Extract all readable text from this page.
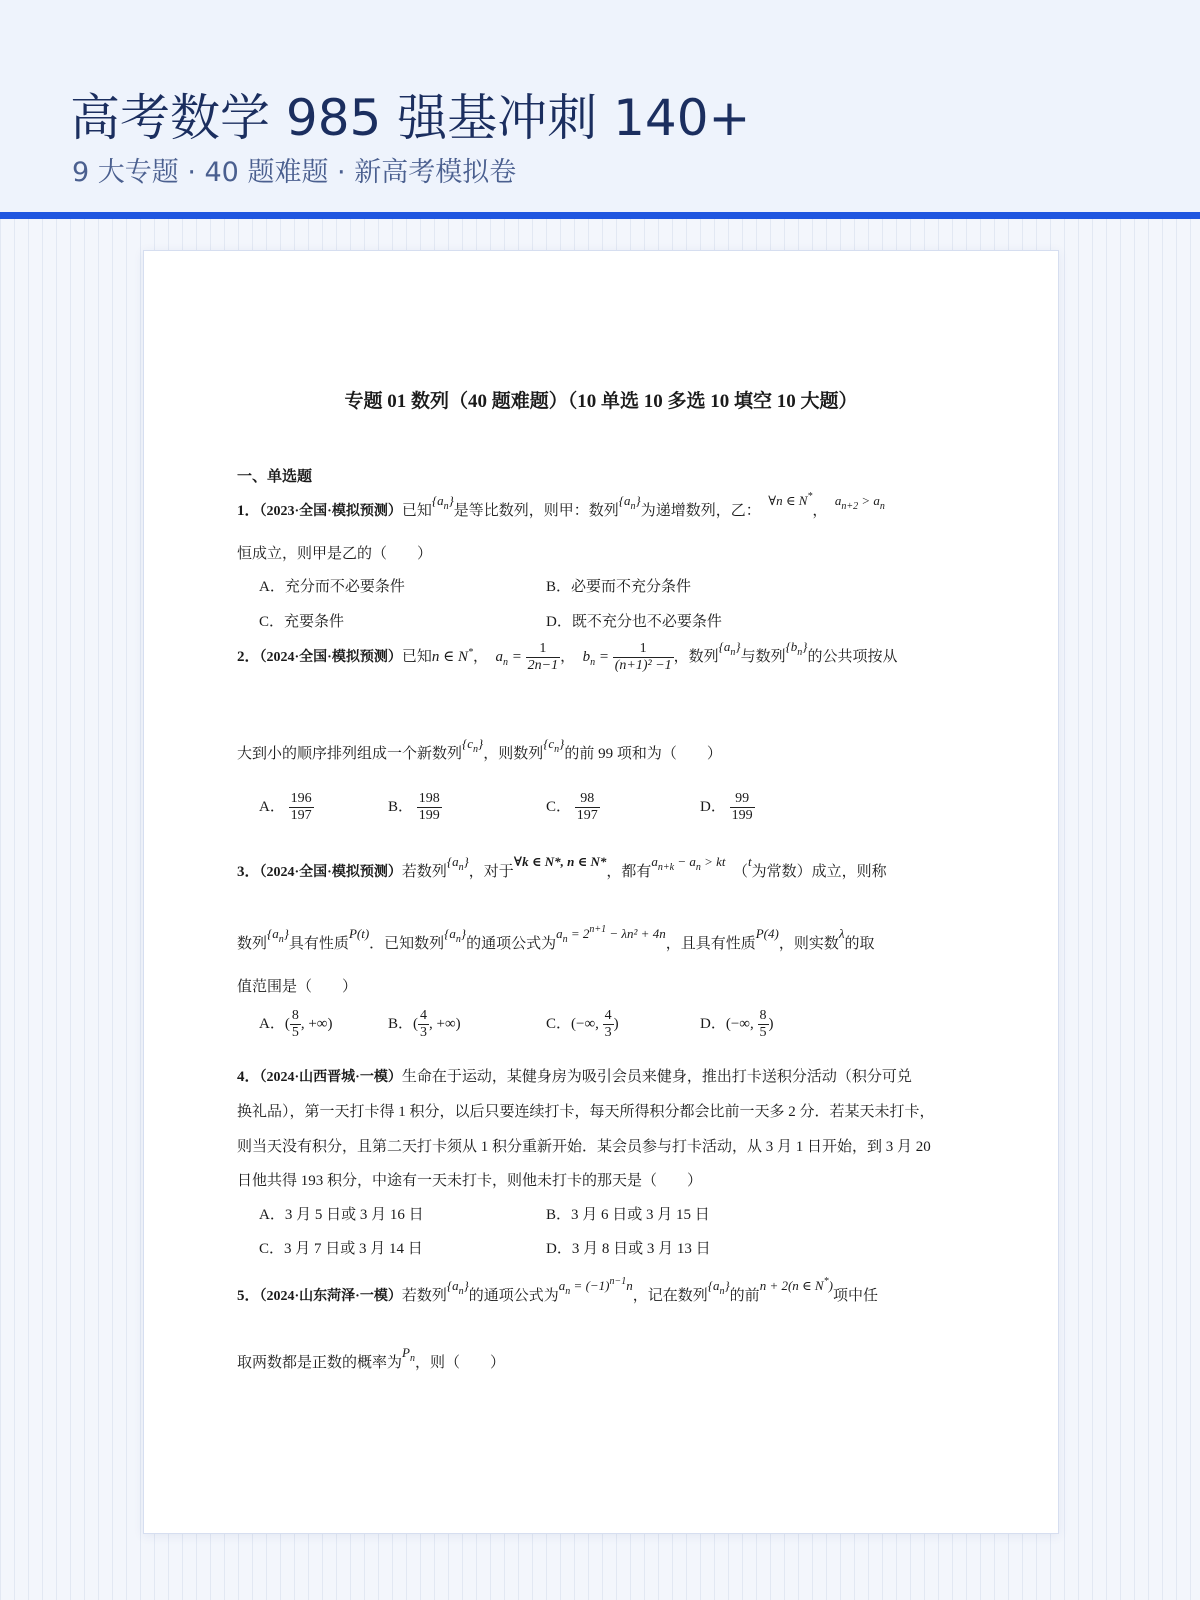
高考数学 985 强基冲刺 140+
9 大专题 · 40 题难题 · 新高考模拟卷
专题 01 数列（40 题难题）（10 单选 10 多选 10 填空 10 大题）
一、单选题
1．（2023·全国·模拟预测）已知$\{a_n\}$是等比数列，则甲：数列$\{a_n\}$为递增数列，乙：  ∀n ∈ N*，  $a_{n+2} > a_n$
恒成立，则甲是乙的（　　）
A．充分而不必要条件	B．必要而不充分条件
C．充要条件	D．既不充分也不必要条件
2．（2024·全国·模拟预测）已知n ∈ N*，  $a_n = \frac{1}{2n-1}$ ，  $b_n = \frac{1}{\text{(n+1)² −1}}$ ，数列$\{a_n\}$与数列$\{b_n\}$的公共项按从
大到小的顺序排列组成一个新数列$\{c_n\}$，则数列$\{c_n\}$的前 99 项和为（　　）
A． $\frac{196}{197}$	B． $\frac{198}{199}$	C． $\frac{98}{197}$	D． $\frac{99}{199}$
3．（2024·全国·模拟预测）若数列$\{a_n\}$，对于∀k ∈ N*, n ∈ N*，都有$a_{n+k} - a_n$ > kt  （t为常数）成立，则称
数列$\{a_n\}$具有性质P(t)．已知数列$\{a_n\}$的通项公式为$a_n = 2^{n+1} - \lambda n^2 + 4n$，且具有性质P(4)，则实数λ的取
值范围是（　　）
A．( $\frac{8}{5}$ , +∞)	B．( $\frac{4}{3}$ , +∞)	C．(−∞, $\frac{4}{3}$ )	D．(−∞, $\frac{8}{5}$ )
4．（2024·山西晋城·一模）生命在于运动，某健身房为吸引会员来健身，推出打卡送积分活动（积分可兑
换礼品），第一天打卡得 1 积分，以后只要连续打卡，每天所得积分都会比前一天多 2 分．若某天未打卡，
则当天没有积分，且第二天打卡须从 1 积分重新开始．某会员参与打卡活动，从 3 月 1 日开始，到 3 月 20
日他共得 193 积分，中途有一天未打卡，则他未打卡的那天是（　　）
A．3 月 5 日或 3 月 16 日	B．3 月 6 日或 3 月 15 日
C．3 月 7 日或 3 月 14 日	D．3 月 8 日或 3 月 13 日
5．（2024·山东菏泽·一模）若数列$\{a_n\}$的通项公式为$a_n = (-1)^{n-1}n$，记在数列$\{a_n\}$的前n + 2(n ∈ N*)项中任
取两数都是正数的概率为$P_n$，则（　　）
